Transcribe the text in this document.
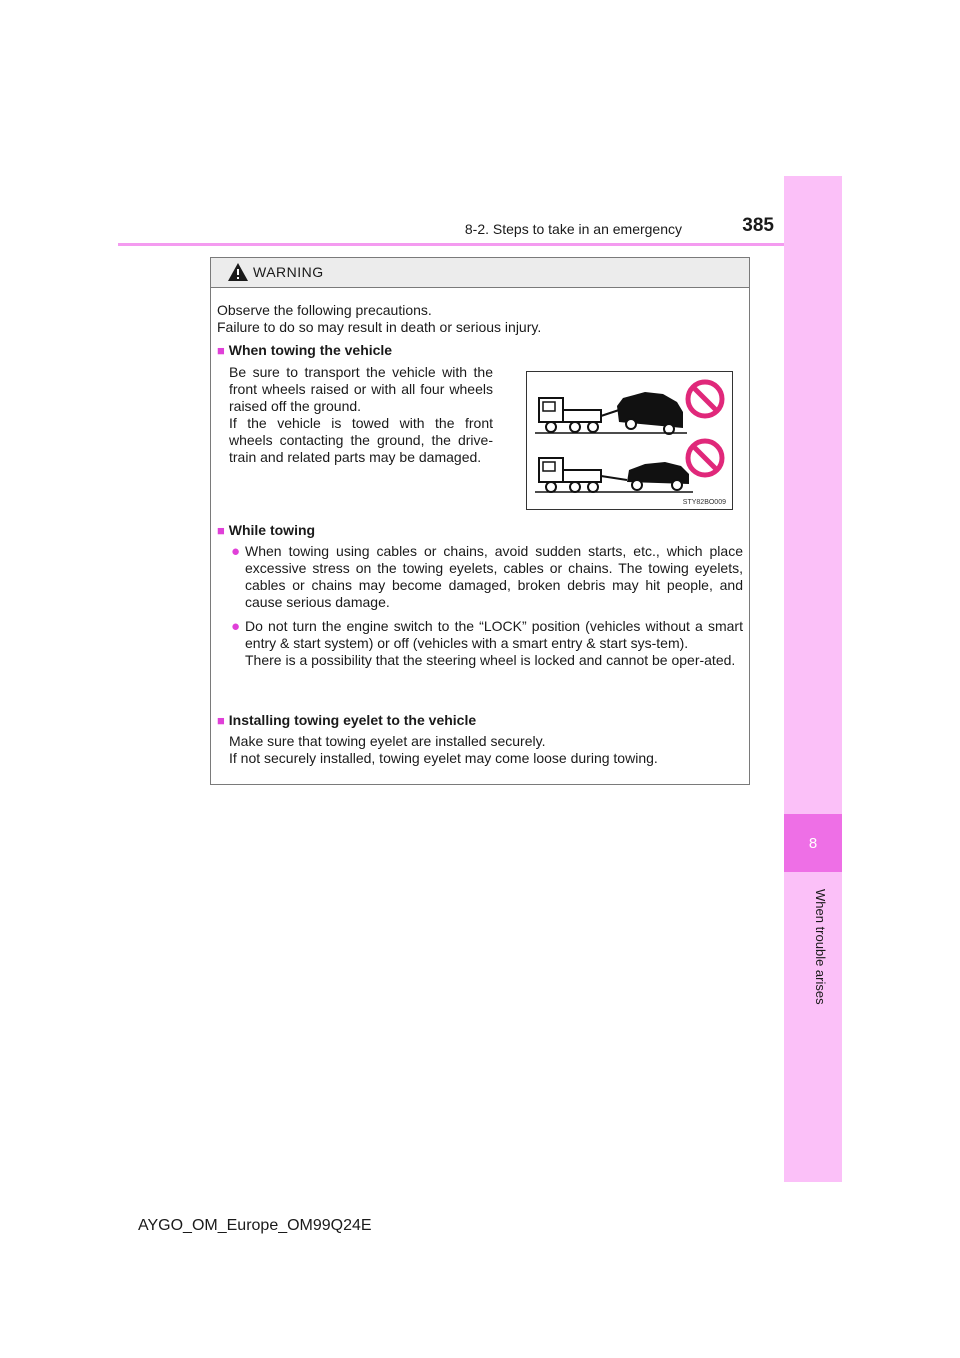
8-2. Steps to take in an emergency	385
8
When trouble arises
WARNING
Observe the following precautions.
Failure to do so may result in death or serious injury.
■ When towing the vehicle
Be sure to transport the vehicle with the front wheels raised or with all four wheels raised off the ground.
If the vehicle is towed with the front wheels contacting the ground, the drive-train and related parts may be damaged.
STY82BO009
■ While towing
● When towing using cables or chains, avoid sudden starts, etc., which place excessive stress on the towing eyelets, cables or chains. The towing eyelets, cables or chains may become damaged, broken debris may hit people, and cause serious damage.
● Do not turn the engine switch to the “LOCK” position (vehicles without a smart entry & start system) or off (vehicles with a smart entry & start sys-tem).
There is a possibility that the steering wheel is locked and cannot be oper-ated.
■ Installing towing eyelet to the vehicle
Make sure that towing eyelet are installed securely.
If not securely installed, towing eyelet may come loose during towing.
AYGO_OM_Europe_OM99Q24E
